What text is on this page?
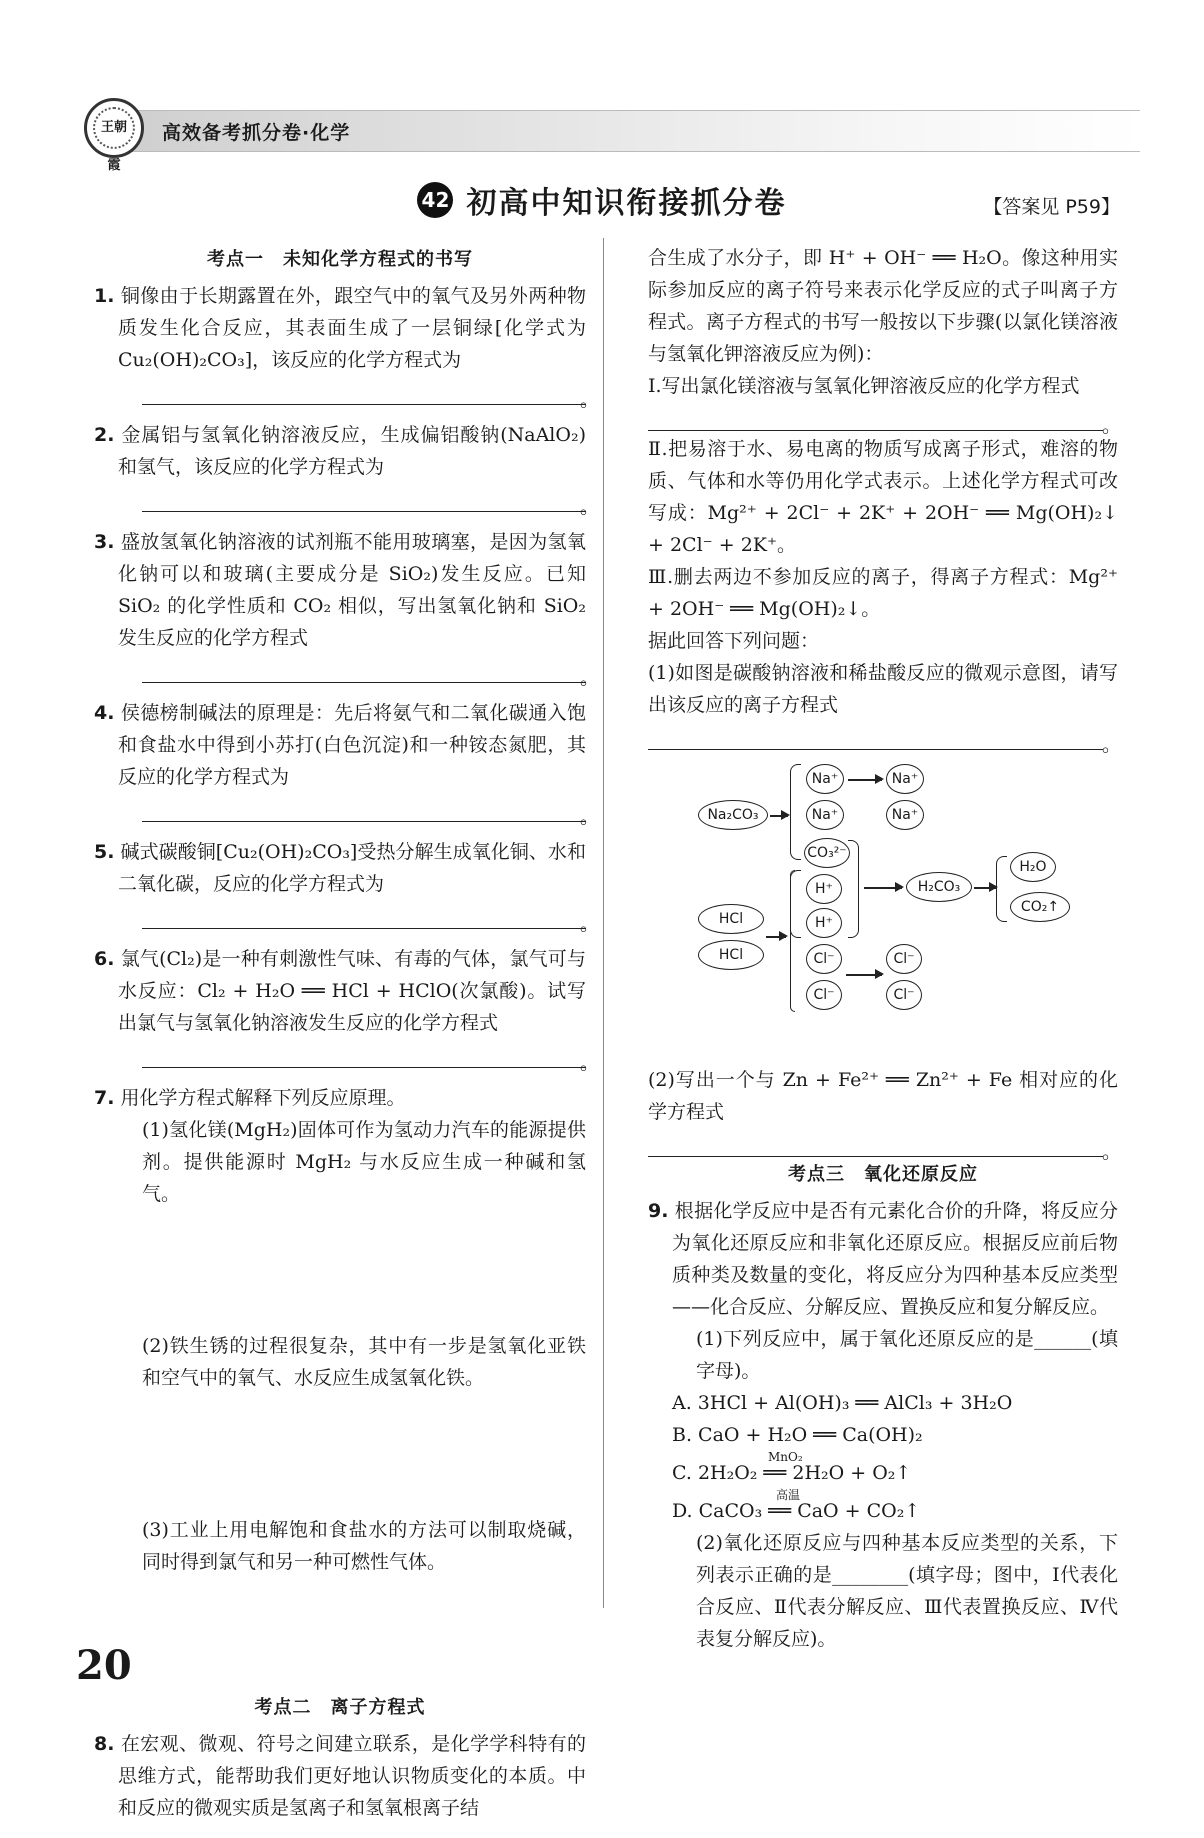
王朝霞
高效备考抓分卷·化学
42 初高中知识衔接抓分卷	【答案见 P59】
考点一　未知化学方程式的书写
1. 铜像由于长期露置在外，跟空气中的氧气及另外两种物质发生化合反应，其表面生成了一层铜绿[化学式为 Cu₂(OH)₂CO₃]，该反应的化学方程式为
。
2. 金属铝与氢氧化钠溶液反应，生成偏铝酸钠(NaAlO₂)和氢气，该反应的化学方程式为
。
3. 盛放氢氧化钠溶液的试剂瓶不能用玻璃塞，是因为氢氧化钠可以和玻璃(主要成分是 SiO₂)发生反应。已知 SiO₂ 的化学性质和 CO₂ 相似，写出氢氧化钠和 SiO₂ 发生反应的化学方程式
。
4. 侯德榜制碱法的原理是：先后将氨气和二氧化碳通入饱和食盐水中得到小苏打(白色沉淀)和一种铵态氮肥，其反应的化学方程式为
。
5. 碱式碳酸铜[Cu₂(OH)₂CO₃]受热分解生成氧化铜、水和二氧化碳，反应的化学方程式为
。
6. 氯气(Cl₂)是一种有刺激性气味、有毒的气体，氯气可与水反应：Cl₂ + H₂O ══ HCl + HClO(次氯酸)。试写出氯气与氢氧化钠溶液发生反应的化学方程式
。
7. 用化学方程式解释下列反应原理。
(1)氢化镁(MgH₂)固体可作为氢动力汽车的能源提供剂。提供能源时 MgH₂ 与水反应生成一种碱和氢气。
(2)铁生锈的过程很复杂，其中有一步是氢氧化亚铁和空气中的氧气、水反应生成氢氧化铁。
(3)工业上用电解饱和食盐水的方法可以制取烧碱，同时得到氯气和另一种可燃性气体。
考点二　离子方程式
8. 在宏观、微观、符号之间建立联系，是化学学科特有的思维方式，能帮助我们更好地认识物质变化的本质。中和反应的微观实质是氢离子和氢氧根离子结
合生成了水分子，即 H⁺ + OH⁻ ══ H₂O。像这种用实际参加反应的离子符号来表示化学反应的式子叫离子方程式。离子方程式的书写一般按以下步骤(以氯化镁溶液与氢氧化钾溶液反应为例)：
Ⅰ.写出氯化镁溶液与氢氧化钾溶液反应的化学方程式
。
Ⅱ.把易溶于水、易电离的物质写成离子形式，难溶的物质、气体和水等仍用化学式表示。上述化学方程式可改写成：Mg²⁺ + 2Cl⁻ + 2K⁺ + 2OH⁻ ══ Mg(OH)₂↓ + 2Cl⁻ + 2K⁺。
Ⅲ.删去两边不参加反应的离子，得离子方程式：Mg²⁺ + 2OH⁻ ══ Mg(OH)₂↓。
据此回答下列问题：
(1)如图是碳酸钠溶液和稀盐酸反应的微观示意图，请写出该反应的离子方程式
。
Na₂CO₃
Na⁺	Na⁺
Na⁺	Na⁺
CO₃²⁻
H⁺
H⁺
H₂CO₃
H₂O
CO₂↑
HCl
HCl	Cl⁻	Cl⁻
Cl⁻	Cl⁻
(2)写出一个与 Zn + Fe²⁺ ══ Zn²⁺ + Fe 相对应的化学方程式
。
考点三　氧化还原反应
9. 根据化学反应中是否有元素化合价的升降，将反应分为氧化还原反应和非氧化还原反应。根据反应前后物质种类及数量的变化，将反应分为四种基本反应类型——化合反应、分解反应、置换反应和复分解反应。
(1)下列反应中，属于氧化还原反应的是______(填字母)。
A. 3HCl + Al(OH)₃ ══ AlCl₃ + 3H₂O
B. CaO + H₂O ══ Ca(OH)₂
MnO₂
C. 2H₂O₂ ══ 2H₂O + O₂↑
高温
D. CaCO₃ ══ CaO + CO₂↑
(2)氧化还原反应与四种基本反应类型的关系，下列表示正确的是________(填字母；图中，Ⅰ代表化合反应、Ⅱ代表分解反应、Ⅲ代表置换反应、Ⅳ代表复分解反应)。
20
